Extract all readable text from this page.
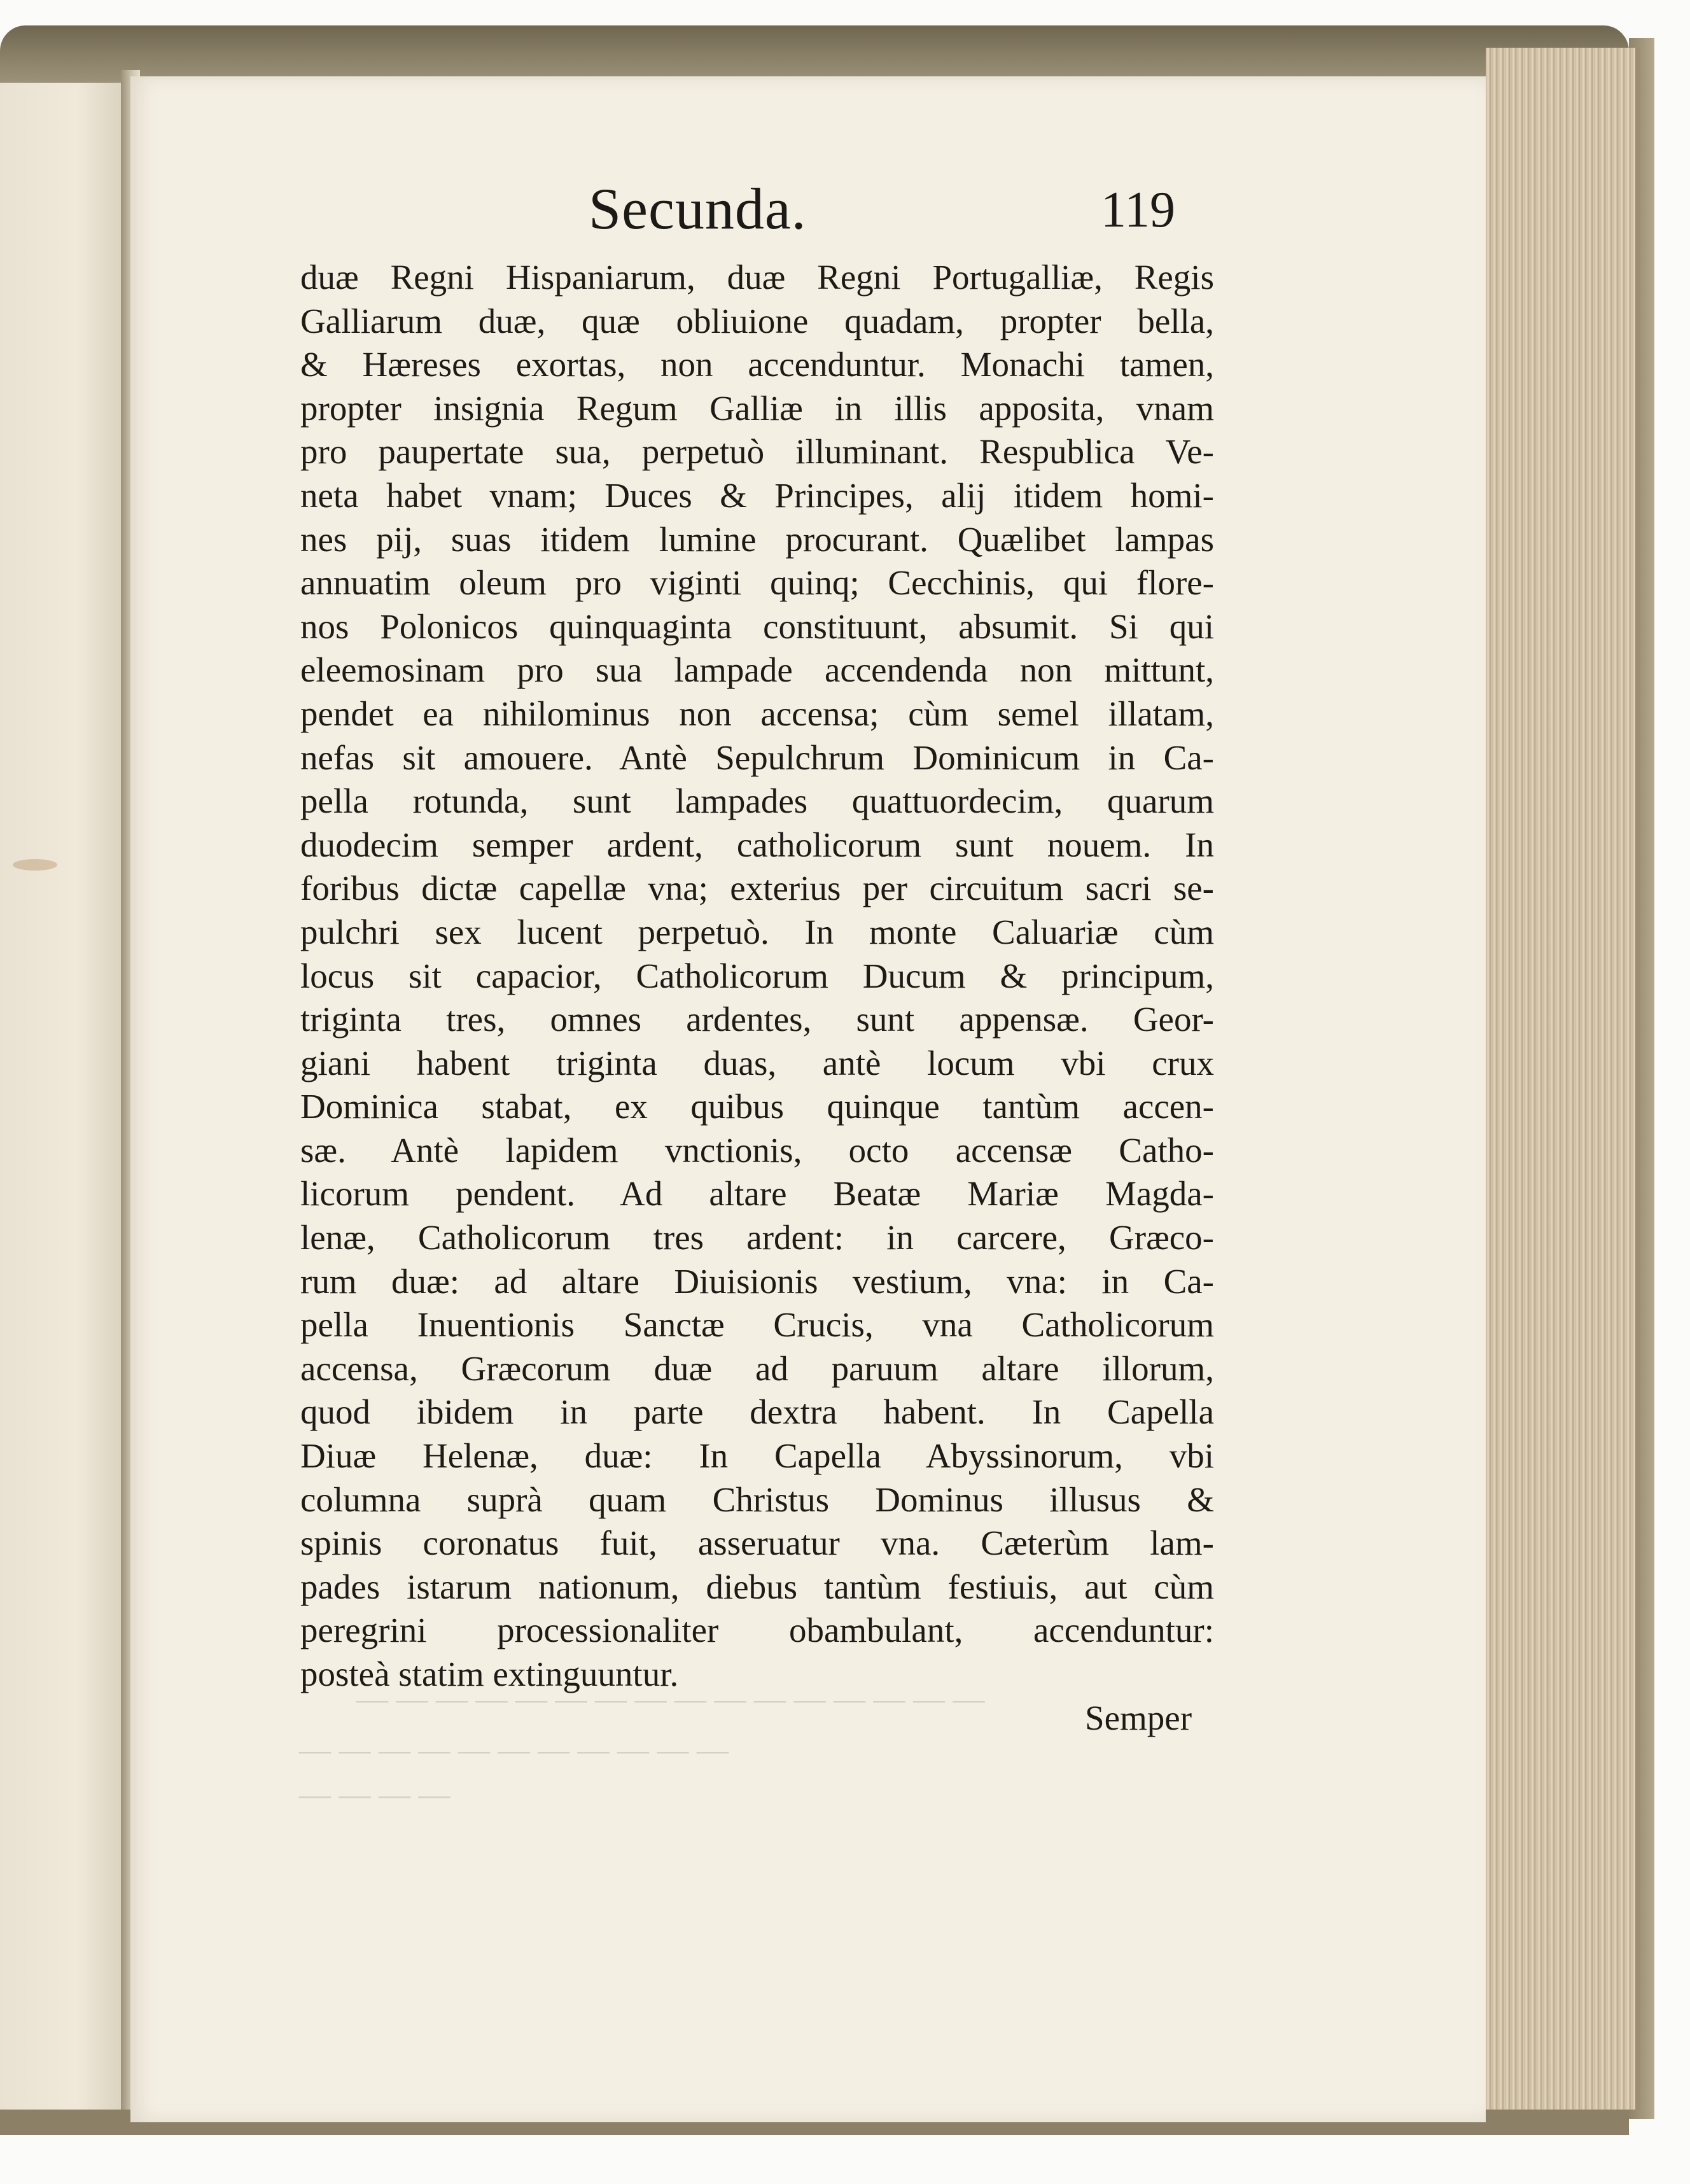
— — — — — — — — — — — — — — — —
— — — — — — — — — — —
— — — —
Secunda.	119
duæ Regni Hispaniarum, duæ Regni Portugalliæ, Regis
Galliarum duæ, quæ obliuione quadam, propter bella,
& Hæreses exortas, non accenduntur. Monachi tamen,
propter insignia Regum Galliæ in illis apposita, vnam
pro paupertate sua, perpetuò illuminant. Respublica Ve-
neta habet vnam; Duces & Principes, alij itidem homi-
nes pij, suas itidem lumine procurant. Quælibet lampas
annuatim oleum pro viginti quinq; Cecchinis, qui flore-
nos Polonicos quinquaginta constituunt, absumit. Si qui
eleemosinam pro sua lampade accendenda non mittunt,
pendet ea nihilominus non accensa; cùm semel illatam,
nefas sit amouere. Antè Sepulchrum Dominicum in Ca-
pella rotunda, sunt lampades quattuordecim, quarum
duodecim semper ardent, catholicorum sunt nouem. In
foribus dictæ capellæ vna; exterius per circuitum sacri se-
pulchri sex lucent perpetuò. In monte Caluariæ cùm
locus sit capacior, Catholicorum Ducum & principum,
triginta tres, omnes ardentes, sunt appensæ. Geor-
giani habent triginta duas, antè locum vbi crux
Dominica stabat, ex quibus quinque tantùm accen-
sæ. Antè lapidem vnctionis, octo accensæ Catho-
licorum pendent. Ad altare Beatæ Mariæ Magda-
lenæ, Catholicorum tres ardent: in carcere, Græco-
rum duæ: ad altare Diuisionis vestium, vna: in Ca-
pella Inuentionis Sanctæ Crucis, vna Catholicorum
accensa, Græcorum duæ ad paruum altare illorum,
quod ibidem in parte dextra habent. In Capella
Diuæ Helenæ, duæ: In Capella Abyssinorum, vbi
columna suprà quam Christus Dominus illusus &
spinis coronatus fuit, asseruatur vna. Cæterùm lam-
pades istarum nationum, diebus tantùm festiuis, aut cùm
peregrini processionaliter obambulant, accenduntur:
posteà statim extinguuntur.
Semper
